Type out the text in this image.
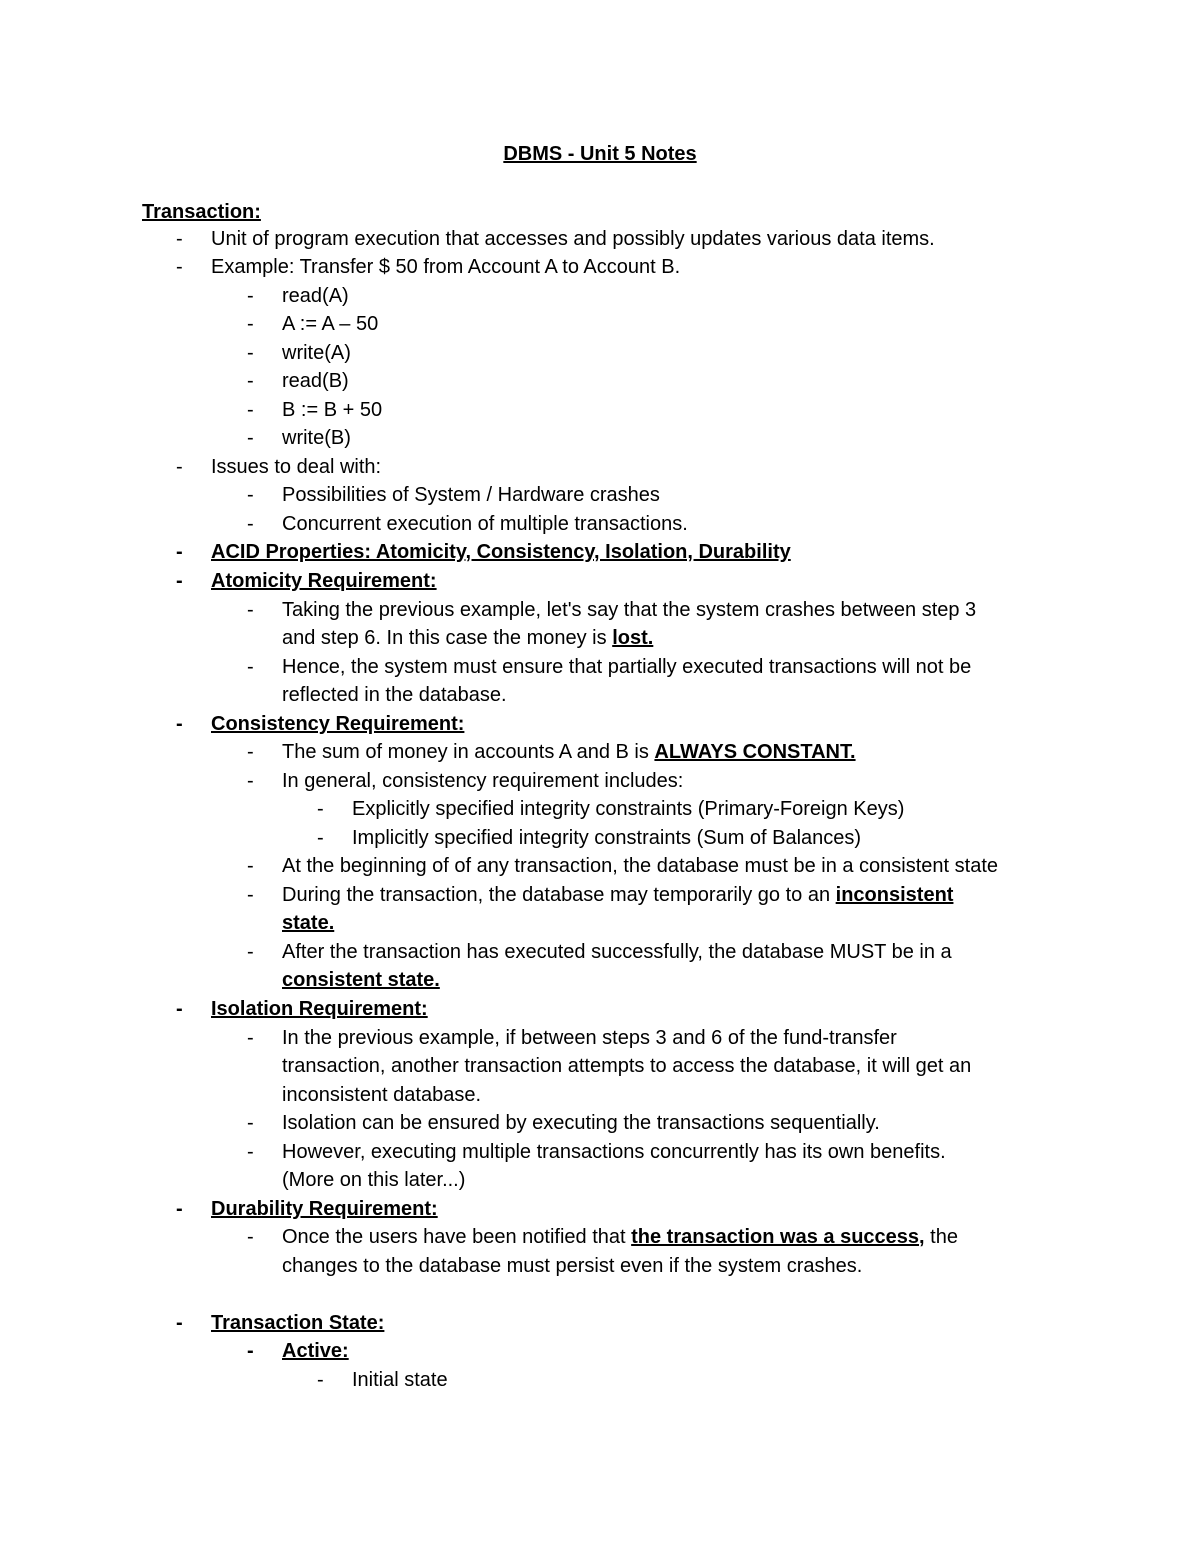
DBMS - Unit 5 Notes
Transaction:
- Unit of program execution that accesses and possibly updates various data items.
- Example: Transfer $ 50 from Account A to Account B.
- read(A)
- A := A – 50
- write(A)
- read(B)
- B := B + 50
- write(B)
- Issues to deal with:
- Possibilities of System / Hardware crashes
- Concurrent execution of multiple transactions.
- ACID Properties: Atomicity, Consistency, Isolation, Durability
- Atomicity Requirement:
- Taking the previous example, let's say that the system crashes between step 3
and step 6. In this case the money is lost.
- Hence, the system must ensure that partially executed transactions will not be
reflected in the database.
- Consistency Requirement:
- The sum of money in accounts A and B is ALWAYS CONSTANT.
- In general, consistency requirement includes:
- Explicitly specified integrity constraints (Primary-Foreign Keys)
- Implicitly specified integrity constraints (Sum of Balances)
- At the beginning of of any transaction, the database must be in a consistent state
- During the transaction, the database may temporarily go to an inconsistent
state.
- After the transaction has executed successfully, the database MUST be in a
consistent state.
- Isolation Requirement:
- In the previous example, if between steps 3 and 6 of the fund-transfer
transaction, another transaction attempts to access the database, it will get an
inconsistent database.
- Isolation can be ensured by executing the transactions sequentially.
- However, executing multiple transactions concurrently has its own benefits.
(More on this later...)
- Durability Requirement:
- Once the users have been notified that the transaction was a success, the
changes to the database must persist even if the system crashes.
- Transaction State:
- Active:
- Initial state
